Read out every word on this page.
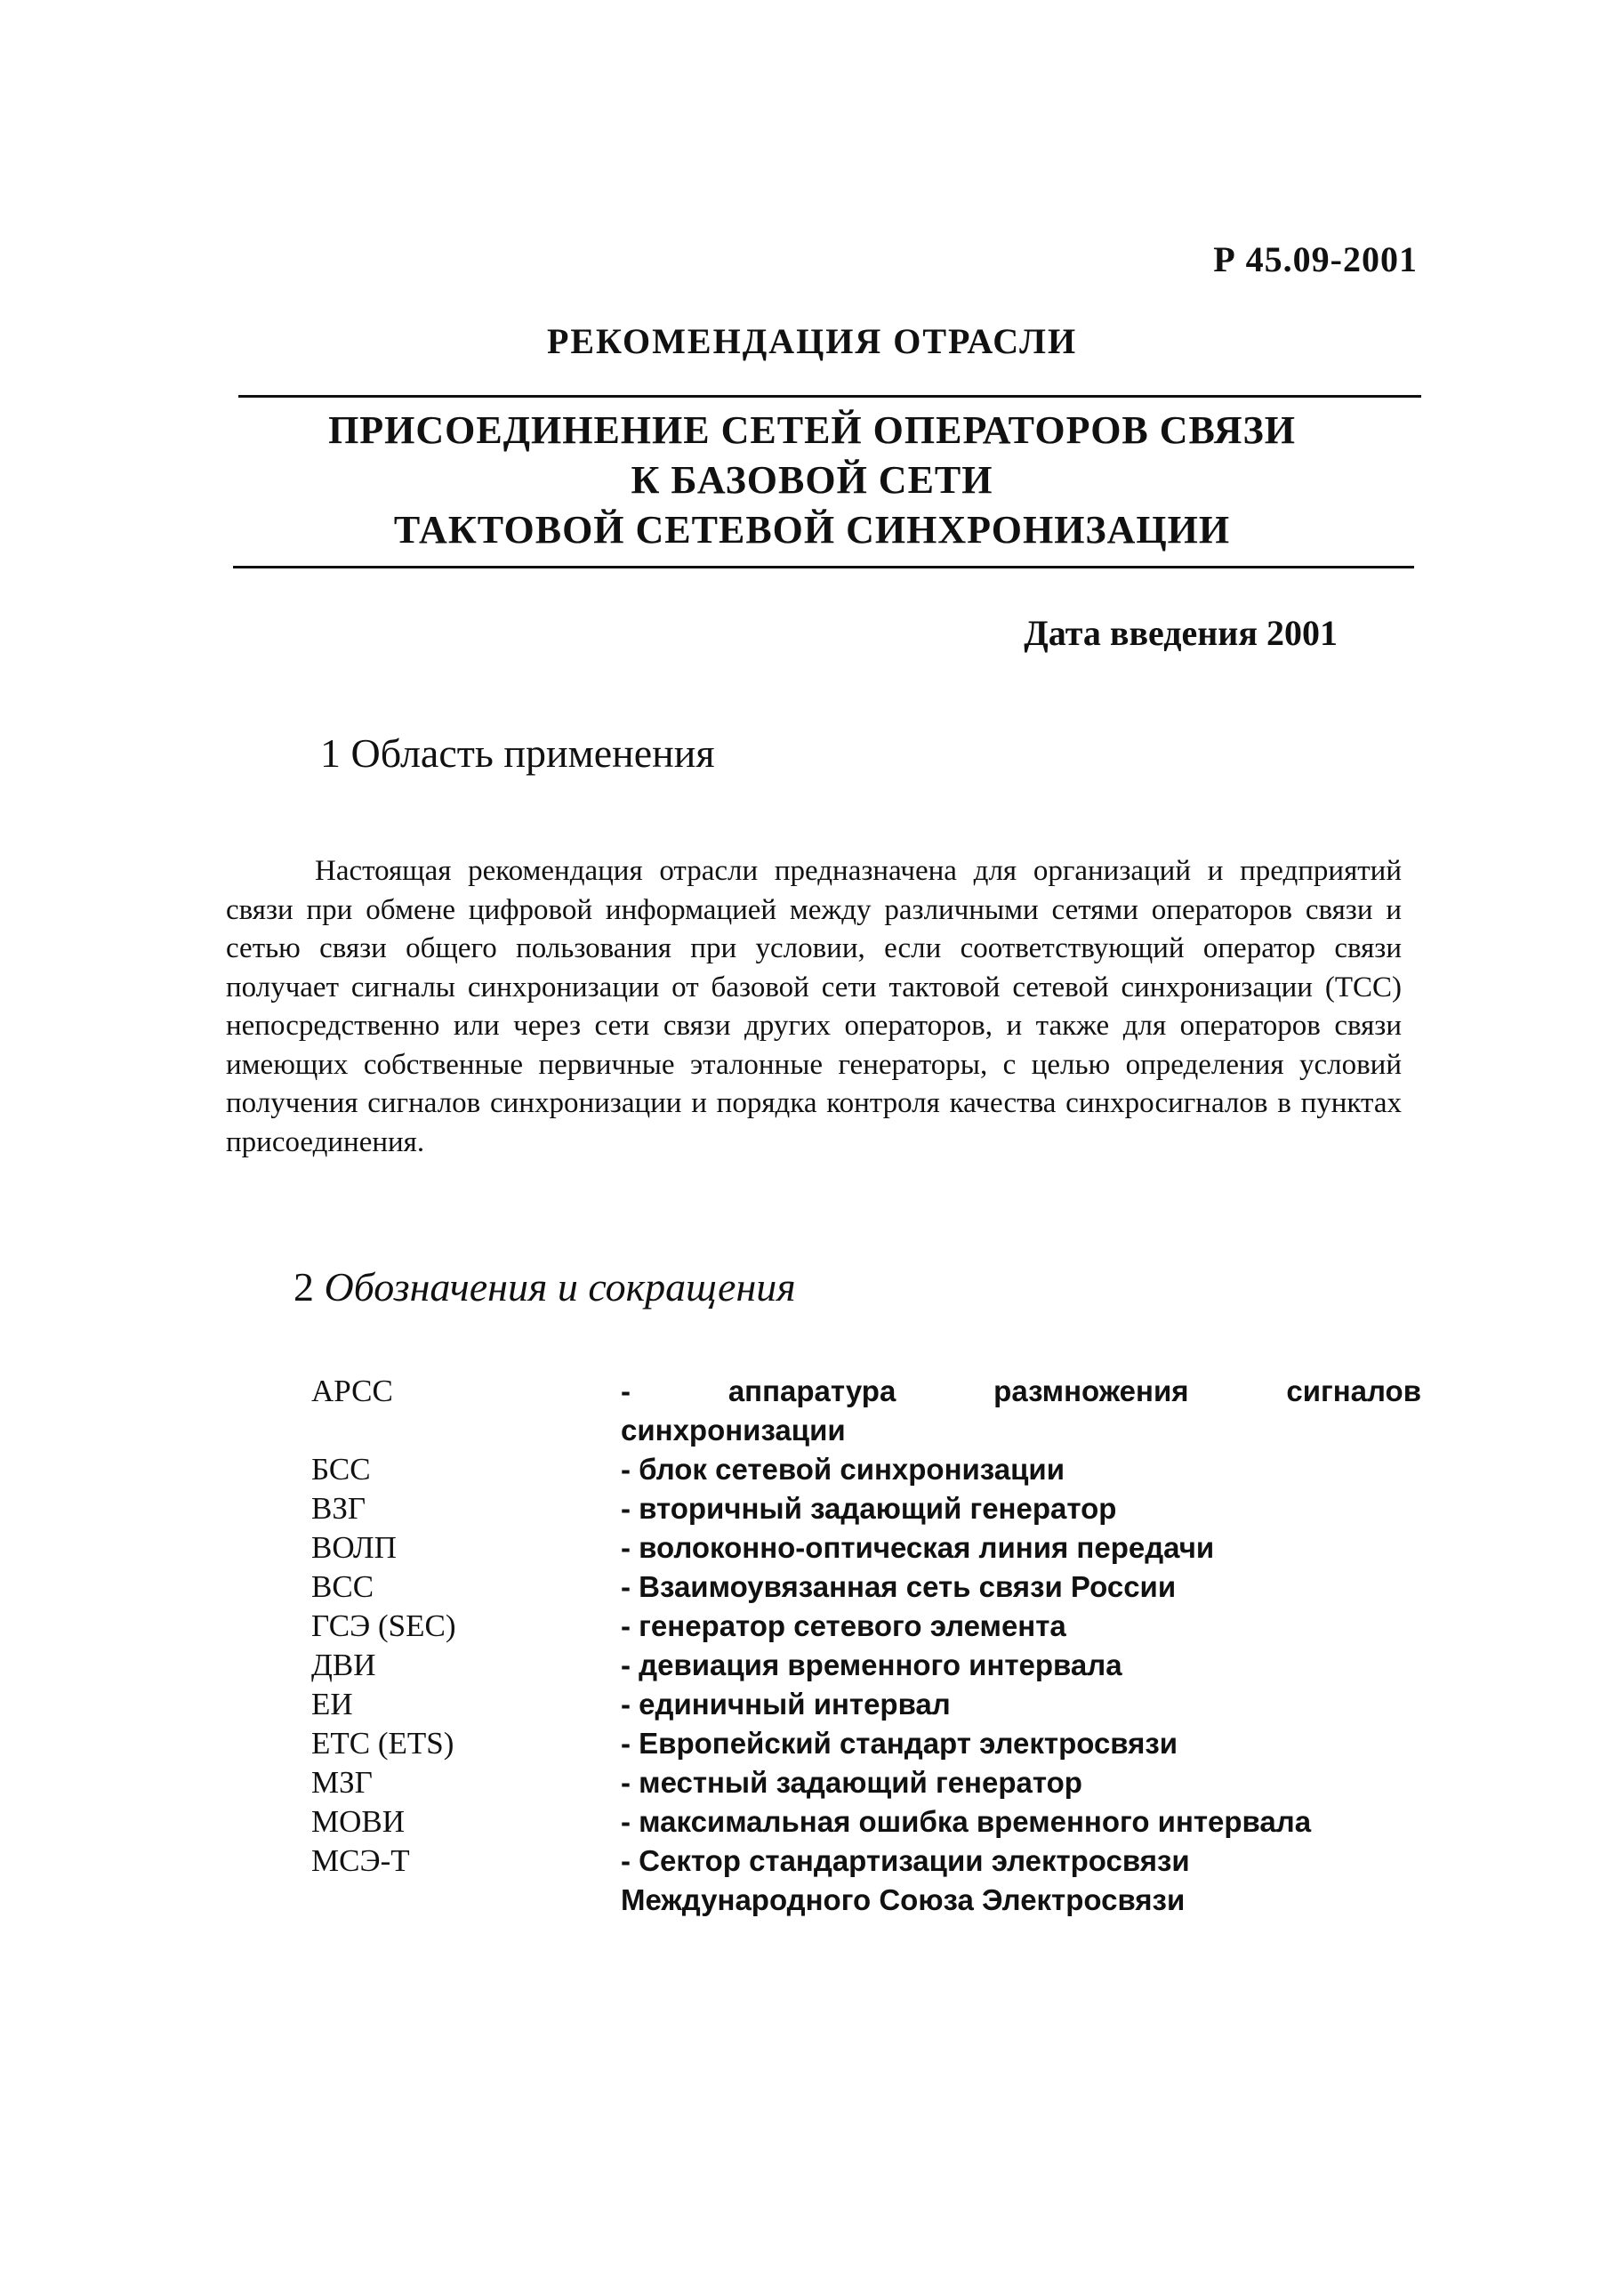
Р 45.09-2001
РЕКОМЕНДАЦИЯ ОТРАСЛИ
ПРИСОЕДИНЕНИЕ СЕТЕЙ ОПЕРАТОРОВ СВЯЗИ
К БАЗОВОЙ СЕТИ
ТАКТОВОЙ СЕТЕВОЙ СИНХРОНИЗАЦИИ
Дата введения 2001
1 Область применения
Настоящая рекомендация отрасли предназначена для организаций и предприятий связи при обмене цифровой информацией между различными сетями операторов связи и сетью связи общего пользования при условии, если соответствующий оператор связи получает сигналы синхронизации от базовой сети тактовой сетевой синхронизации (ТСС) непосредственно или через сети связи других операторов, и также для операторов связи имеющих собственные первичные эталонные генераторы, с целью определения условий получения сигналов синхронизации и порядка контроля качества синхросигналов в пунктах присоединения.
2 Обозначения и сокращения
АРСС	- аппаратура размножения сигналов
синхронизации
БСС	- блок сетевой синхронизации
ВЗГ	- вторичный задающий генератор
ВОЛП	- волоконно-оптическая линия передачи
ВСС	- Взаимоувязанная сеть связи России
ГСЭ (SEC)	- генератор сетевого элемента
ДВИ	- девиация временного интервала
ЕИ	- единичный интервал
ЕТС (ETS)	- Европейский стандарт электросвязи
МЗГ	- местный задающий генератор
МОВИ	- максимальная ошибка временного интервала
МСЭ-Т	- Сектор стандартизации электросвязи
Международного Союза Электросвязи
